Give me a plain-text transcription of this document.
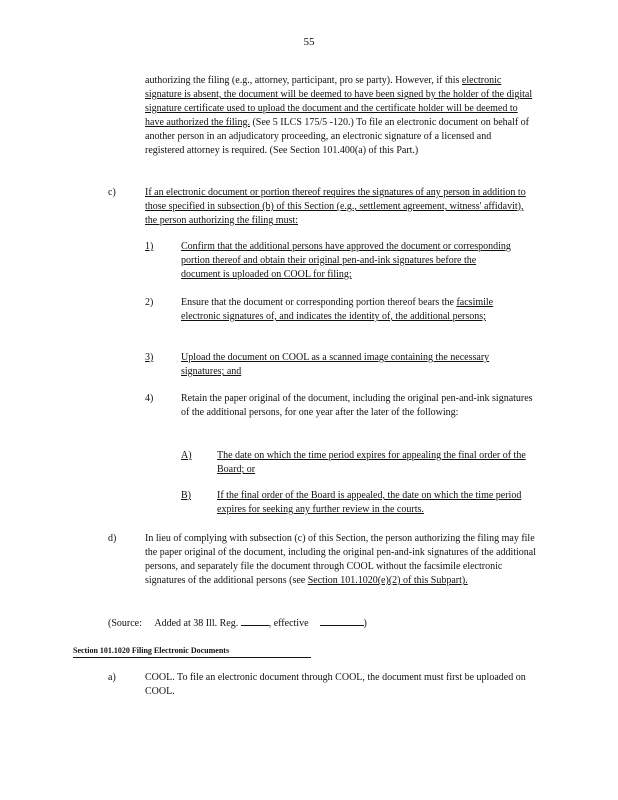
55

authorizing the filing (e.g., attorney, participant, pro se party). However, if this electronic signature is absent, the document will be deemed to have been signed by the holder of the digital signature certificate used to upload the document and the certificate holder will be deemed to have authorized the filing. (See 5 ILCS 175/5 -120.) To file an electronic document on behalf of another person in an adjudicatory proceeding, an electronic signature of a licensed and registered attorney is required. (See Section 101.400(a) of this Part.)

c)	If an electronic document or portion thereof requires the signatures of any person in addition to those specified in subsection (b) of this Section (e.g., settlement agreement, witness' affidavit), the person authorizing the filing must:
1)	Confirm that the additional persons have approved the document or corresponding portion thereof and obtain their original pen-and-ink signatures before the document is uploaded on COOL for filing;
2)	Ensure that the document or corresponding portion thereof bears the facsimile electronic signatures of, and indicates the identity of, the additional persons;
3)	Upload the document on COOL as a scanned image containing the necessary signatures; and
4)	Retain the paper original of the document, including the original pen-and-ink signatures of the additional persons, for one year after the later of the following:
A)	The date on which the time period expires for appealing the final order of the Board; or
B)	If the final order of the Board is appealed, the date on which the time period expires for seeking any further review in the courts.
d)	In lieu of complying with subsection (c) of this Section, the person authorizing the filing may file the paper original of the document, including the original pen-and-ink signatures of the additional persons, and separately file the document through COOL without the facsimile electronic signatures of the additional persons (see Section 101.1020(e)(2) of this Subpart).
(Source: Added at 38 Ill. Reg.	, effective	)
Section 101.1020 Filing Electronic Documents
a)	COOL. To file an electronic document through COOL, the document must first be uploaded on COOL.
